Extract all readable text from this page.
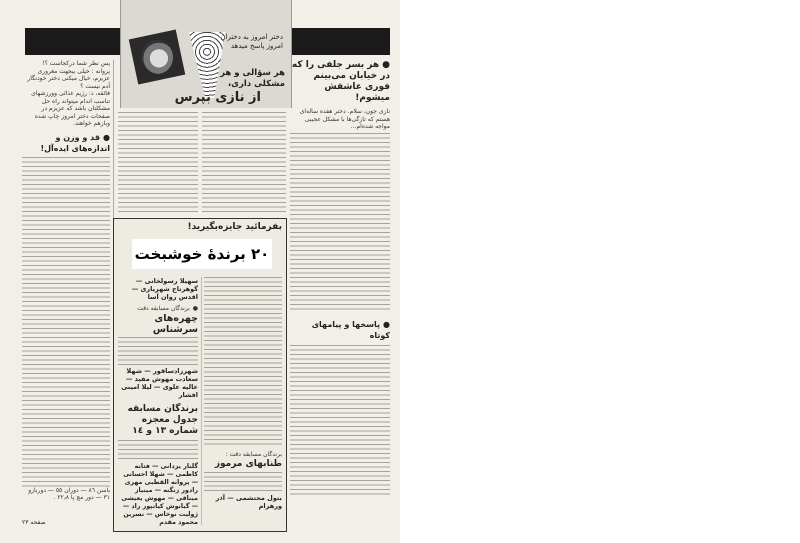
دختر امروز به دختران امروز پاسخ میدهد
هر سؤالی و هر مشکلی داری،
از نازی بپرس
● هر بسر جلفی را که در خیابان می‌بینم فوری عاشقش میشوم!
نازی جون، سلام. دختر هفده ساله‌ای هستم که تازگی‌ها با مشکل عجیبی مواجه شده‌ام...
● پاسخها و پیامهای کوتاه
پس نظر شما درکجاست ؟!
پروانه : خیلی بیجهت مغروری عزیزم، خیال میکنی دختر خودنگار آدم نیست ؟
فائقه، د: رژیم غذائی وورزشهای تناسب اندام میتواند راه حل مشکلتان باشد که عزیزم در صفحات دختر امروز چاپ شده وبازهم خواهند.
● قد و وزن و اندازه‌های ایده‌آل!
باسن ۸٦ — دوران ٥٥ — دوربازو ٣١ — دور مچ پا ٢٢٫٨ .
صفحه ٢٣
بفرمائید جایزه‌بگیرید!
٢٠ برندهٔ خوشبخت
برندگان مسابقه دقت :
طنابهای مرموز
بتول محتشمی — آذر ورهرام
سهیلا رسولخانی — گوهرتاج شهریاری — اقدس روان آسا
● برندگان مسابقه دقت
چهره‌های سرشناس
شهرزادساقور — شهلا سعادت مهوش مفید — عالیه علوی — لیلا امینی افشار
برندگان مسابقه جدول معجزه شماره ١٣ و ١٤
گلنار یزدانی — فتانه کاظمی — شهلا احسانی — پروانه القطبی مهری رادور زنگنه — مینیاز میناقی — مهوش یعیشی — گیانوش کیانپور راد — ژولیت نوخاس — نسرین محمود مقدم
